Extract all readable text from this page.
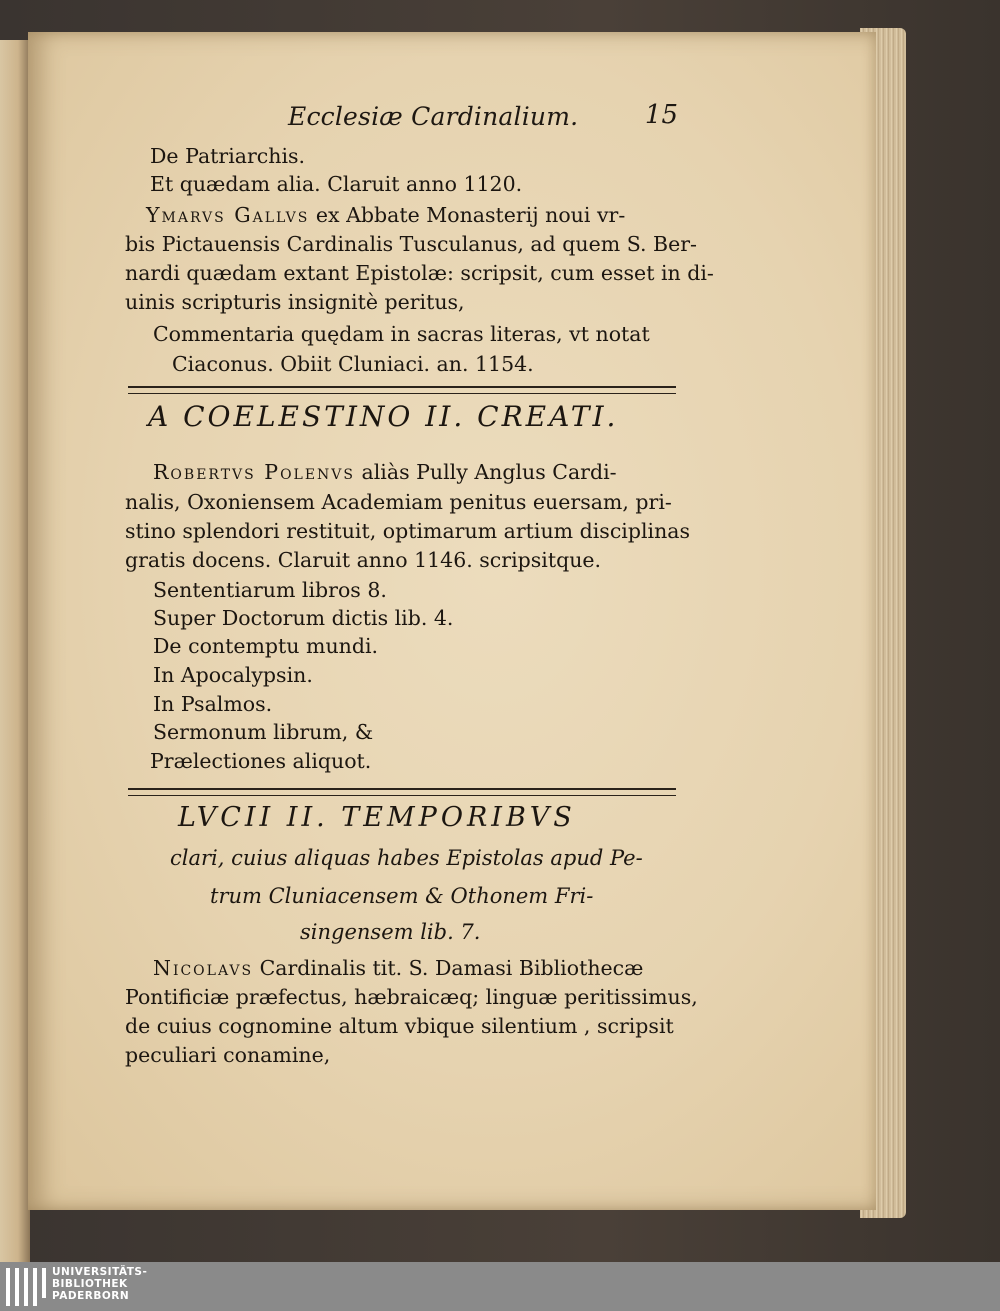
Ecclesiæ Cardinalium.	15
De Patriarchis.
Et quædam alia. Claruit anno 1120.
Ymarvs Gallvs ex Abbate Monasterij noui vr-
bis Pictauensis Cardinalis Tusculanus, ad quem S. Ber-
nardi quædam extant Epistolæ: scripsit, cum esset in di-
uinis scripturis insignitè peritus,
Commentaria quędam in sacras literas, vt notat
Ciaconus. Obiit Cluniaci. an. 1154.
A COELESTINO II. CREATI.
Robertvs Polenvs aliàs Pully Anglus Cardi-
nalis, Oxoniensem Academiam penitus euersam, pri-
stino splendori restituit, optimarum artium disciplinas
gratis docens. Claruit anno 1146. scripsitque.
Sententiarum libros 8.
Super Doctorum dictis lib. 4.
De contemptu mundi.
In Apocalypsin.
In Psalmos.
Sermonum librum, &
Prælectiones aliquot.
LVCII II. TEMPORIBVS
clari, cuius aliquas habes Epistolas apud Pe-
trum Cluniacensem & Othonem Fri-
singensem lib. 7.
Nicolavs Cardinalis tit. S. Damasi Bibliothecæ
Pontificiæ præfectus, hæbraicæq; linguæ peritissimus,
de cuius cognomine altum vbique silentium , scripsit
peculiari conamine,
UNIVERSITÄTS-
BIBLIOTHEK
PADERBORN
